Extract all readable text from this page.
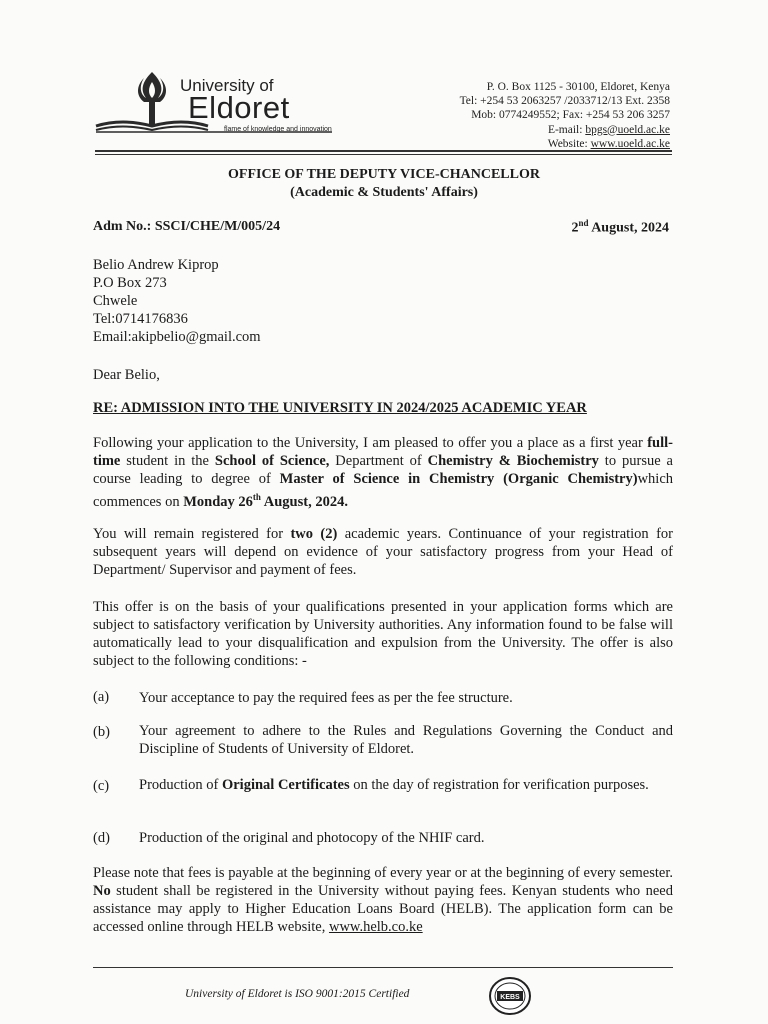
University of
Eldoret
flame of knowledge and innovation
P. O. Box 1125 - 30100, Eldoret, Kenya
Tel: +254 53 2063257 /2033712/13 Ext. 2358
Mob: 0774249552; Fax: +254 53 206 3257
E-mail: bpgs@uoeld.ac.ke
Website: www.uoeld.ac.ke
OFFICE OF THE DEPUTY VICE-CHANCELLOR
(Academic & Students' Affairs)
Adm No.: SSCI/CHE/M/005/24	2nd August, 2024
Belio Andrew Kiprop
P.O Box 273
Chwele
Tel:0714176836
Email:akipbelio@gmail.com
Dear Belio,
RE: ADMISSION INTO THE UNIVERSITY IN 2024/2025 ACADEMIC YEAR
Following your application to the University, I am pleased to offer you a place as a first year full-time student in the School of Science, Department of Chemistry & Biochemistry to pursue a course leading to degree of Master of Science in Chemistry (Organic Chemistry)which commences on Monday 26th August, 2024.
You will remain registered for two (2) academic years. Continuance of your registration for subsequent years will depend on evidence of your satisfactory progress from your Head of Department/ Supervisor and payment of fees.
This offer is on the basis of your qualifications presented in your application forms which are subject to satisfactory verification by University authorities. Any information found to be false will automatically lead to your disqualification and expulsion from the University. The offer is also subject to the following conditions: -
(a) Your acceptance to pay the required fees as per the fee structure.
(b) Your agreement to adhere to the Rules and Regulations Governing the Conduct and Discipline of Students of University of Eldoret.
(c) Production of Original Certificates on the day of registration for verification purposes.
(d) Production of the original and photocopy of the NHIF card.
Please note that fees is payable at the beginning of every year or at the beginning of every semester. No student shall be registered in the University without paying fees. Kenyan students who need assistance may apply to Higher Education Loans Board (HELB). The application form can be accessed online through HELB website, www.helb.co.ke
University of Eldoret is ISO 9001:2015 Certified	KEBS
